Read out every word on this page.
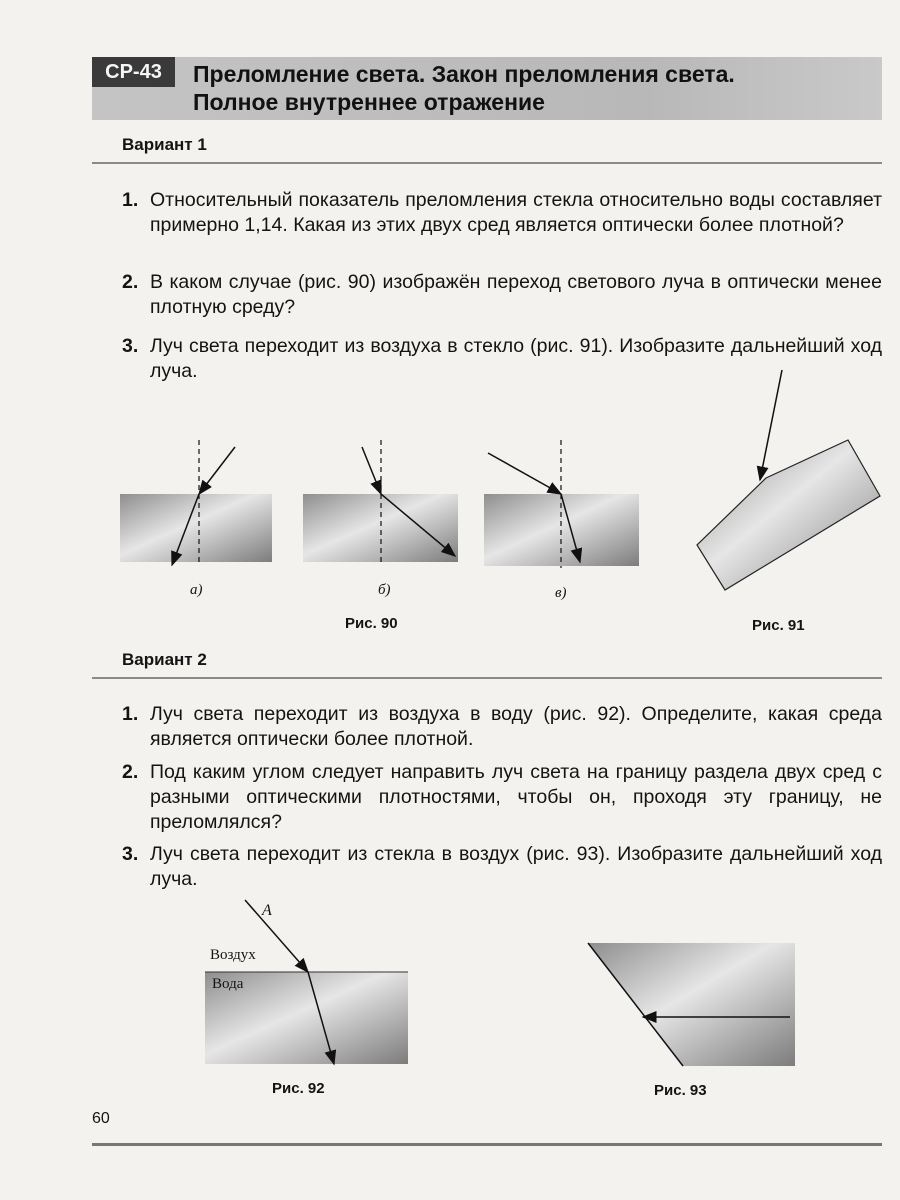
СР-43	Преломление света. Закон преломления света.
Полное внутреннее отражение
Вариант 1
1. Относительный показатель преломления стекла относительно воды составляет примерно 1,14. Какая из этих двух сред является оптически более плотной?
2. В каком случае (рис. 90) изображён переход светового луча в оптически менее плотную среду?
3. Луч света переходит из воздуха в стекло (рис. 91). Изобразите дальнейший ход луча.
а)	б)	в)
Рис. 90	Рис. 91
Вариант 2
1. Луч света переходит из воздуха в воду (рис. 92). Определите, какая среда является оптически более плотной.
2. Под каким углом следует направить луч света на границу раздела двух сред с разными оптическими плотностями, чтобы он, проходя эту границу, не преломлялся?
3. Луч света переходит из стекла в воздух (рис. 93). Изобразите дальнейший ход луча.
A
Воздух
Вода
Рис. 92	Рис. 93
60
